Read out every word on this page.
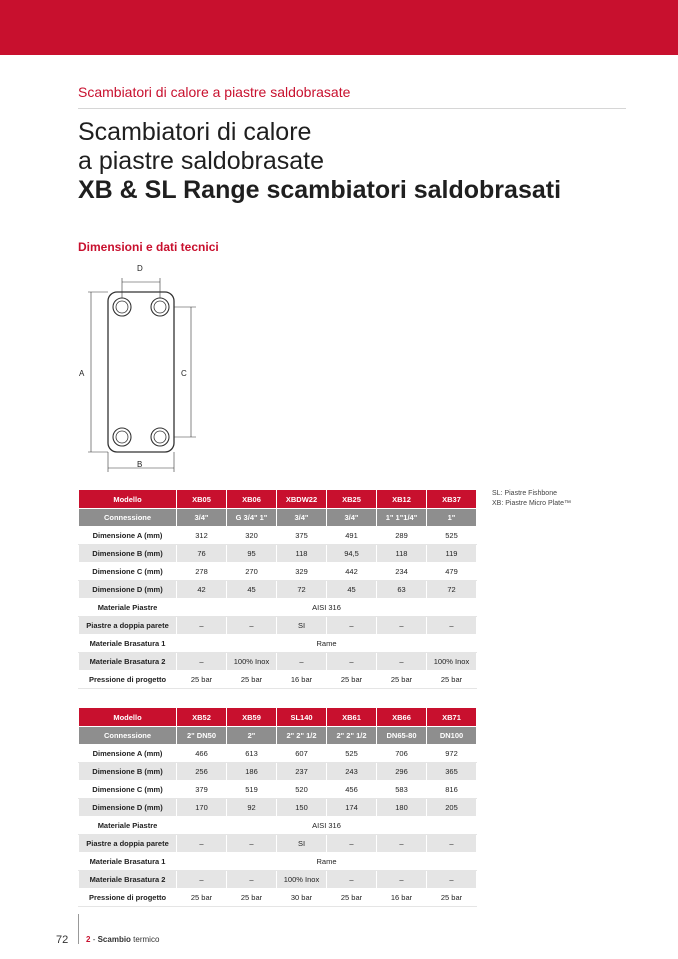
Scambiatori di calore a piastre saldobrasate
Scambiatori di calore
a piastre saldobrasate
XB & SL Range scambiatori saldobrasati
Dimensioni e dati tecnici
D
A	C
B
SL: Piastre Fishbone
XB: Piastre Micro Plate™
Modello	XB05	XB06	XBDW22	XB25	XB12	XB37
Connessione	3/4"	G 3/4" 1"	3/4"	3/4"	1" 1"1/4"	1"
Dimensione A (mm)	312	320	375	491	289	525
Dimensione B (mm)	76	95	118	94,5	118	119
Dimensione C (mm)	278	270	329	442	234	479
Dimensione D (mm)	42	45	72	45	63	72
Materiale Piastre	AISI 316					
Piastre a doppia parete	–	–	SI	–	–	–
Materiale Brasatura 1	Rame					
Materiale Brasatura 2	–	100% Inox	–	–	–	100% Inox
Pressione di progetto	25 bar	25 bar	16 bar	25 bar	25 bar	25 bar
Modello	XB52	XB59	SL140	XB61	XB66	XB71
Connessione	2" DN50	2"	2" 2" 1/2	2" 2" 1/2	DN65-80	DN100
Dimensione A (mm)	466	613	607	525	706	972
Dimensione B (mm)	256	186	237	243	296	365
Dimensione C (mm)	379	519	520	456	583	816
Dimensione D (mm)	170	92	150	174	180	205
Materiale Piastre	AISI 316					
Piastre a doppia parete	–	–	SI	–	–	–
Materiale Brasatura 1	Rame					
Materiale Brasatura 2	–	–	100% Inox	–	–	–
Pressione di progetto	25 bar	25 bar	30 bar	25 bar	16 bar	25 bar
72 2 - Scambio termico
